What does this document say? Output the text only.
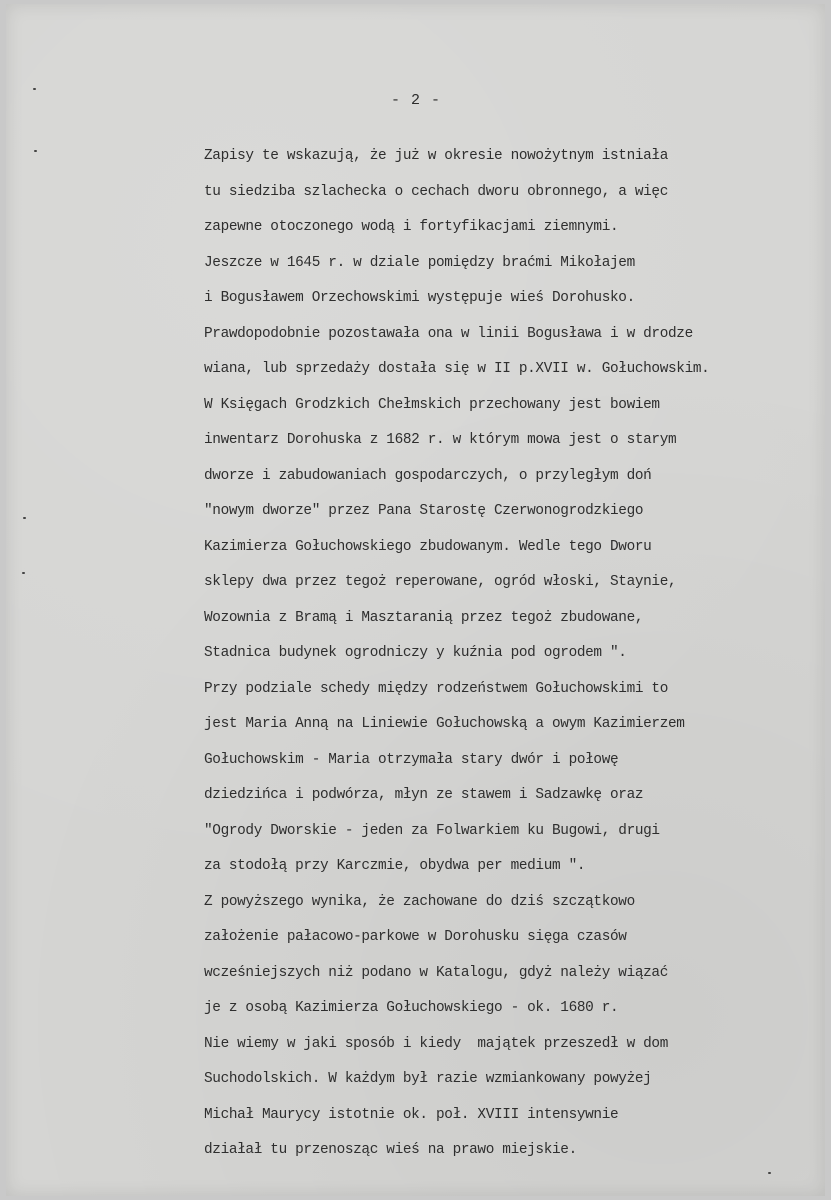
- 2 -
Zapisy te wskazują, że już w okresie nowożytnym istniała
tu siedziba szlachecka o cechach dworu obronnego, a więc
zapewne otoczonego wodą i fortyfikacjami ziemnymi.
Jeszcze w 1645 r. w dziale pomiędzy braćmi Mikołajem
i Bogusławem Orzechowskimi występuje wieś Dorohusko.
Prawdopodobnie pozostawała ona w linii Bogusława i w drodze
wiana, lub sprzedaży dostała się w II p.XVII w. Gołuchowskim.
W Księgach Grodzkich Chełmskich przechowany jest bowiem
inwentarz Dorohuska z 1682 r. w którym mowa jest o starym
dworze i zabudowaniach gospodarczych, o przyległym doń
"nowym dworze" przez Pana Starostę Czerwonogrodzkiego
Kazimierza Gołuchowskiego zbudowanym. Wedle tego Dworu
sklepy dwa przez tegoż reperowane, ogród włoski, Staynie,
Wozownia z Bramą i Masztaranią przez tegoż zbudowane,
Stadnica budynek ogrodniczy y kuźnia pod ogrodem ".
Przy podziale schedy między rodzeństwem Gołuchowskimi to
jest Maria Anną na Liniewie Gołuchowską a owym Kazimierzem
Gołuchowskim - Maria otrzymała stary dwór i połowę
dziedzińca i podwórza, młyn ze stawem i Sadzawkę oraz
"Ogrody Dworskie - jeden za Folwarkiem ku Bugowi, drugi
za stodołą przy Karczmie, obydwa per medium ".
Z powyższego wynika, że zachowane do dziś szczątkowo
założenie pałacowo-parkowe w Dorohusku sięga czasów
wcześniejszych niż podano w Katalogu, gdyż należy wiązać
je z osobą Kazimierza Gołuchowskiego - ok. 1680 r.
Nie wiemy w jaki sposób i kiedy  majątek przeszedł w dom
Suchodolskich. W każdym był razie wzmiankowany powyżej
Michał Maurycy istotnie ok. poł. XVIII intensywnie
działał tu przenosząc wieś na prawo miejskie.
